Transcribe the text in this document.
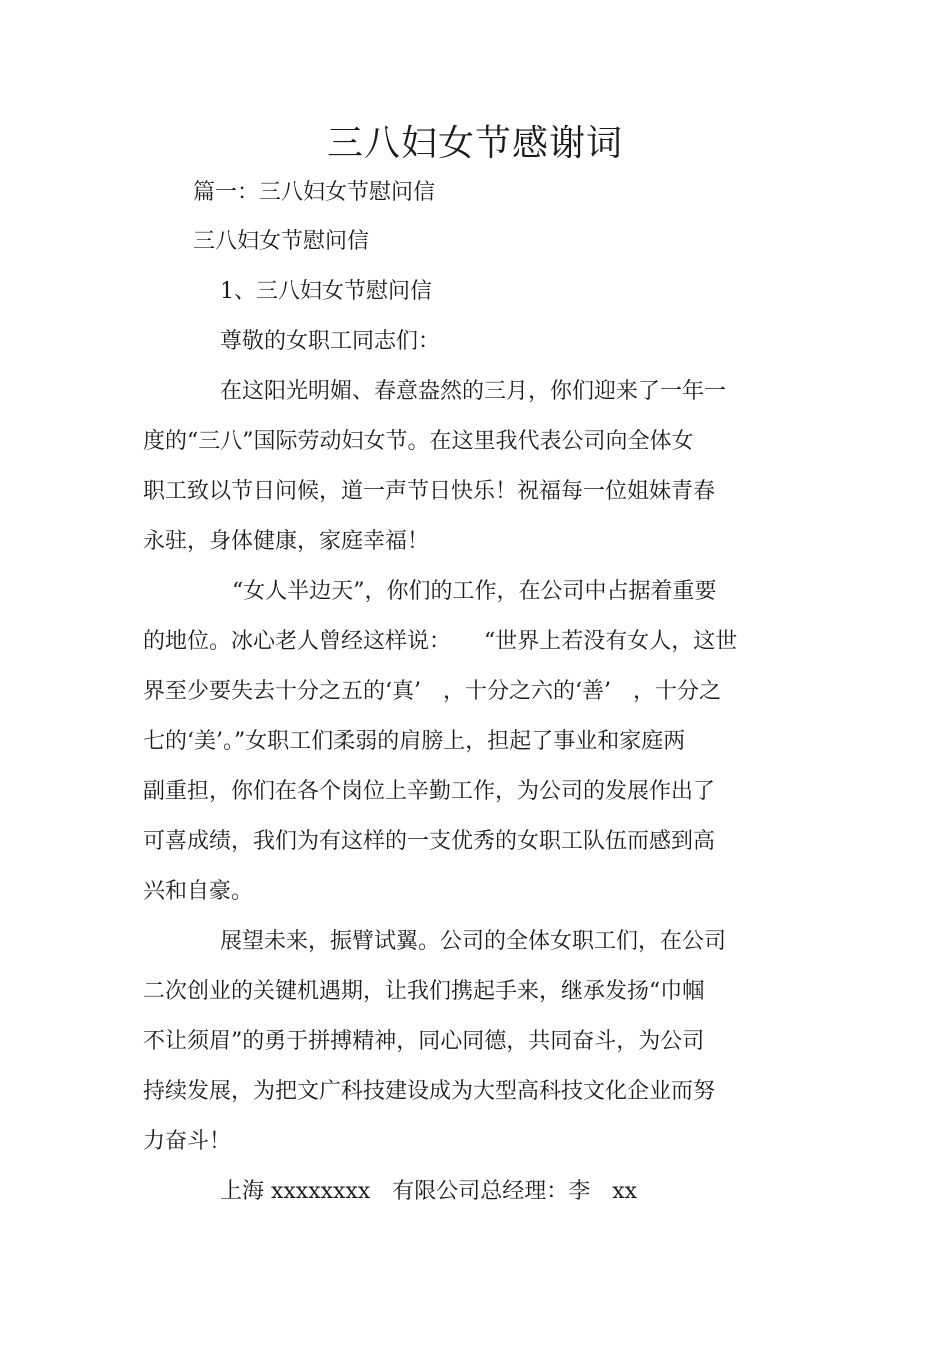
三八妇女节感谢词
篇一：三八妇女节慰问信
三八妇女节慰问信
1、三八妇女节慰问信
尊敬的女职工同志们：
在这阳光明媚、春意盎然的三月，你们迎来了一年一
度的“三八”国际劳动妇女节。在这里我代表公司向全体女
职工致以节日问候，道一声节日快乐！祝福每一位姐妹青春
永驻，身体健康，家庭幸福！
“女人半边天”，你们的工作，在公司中占据着重要
的地位。冰心老人曾经这样说：　　“世界上若没有女人，这世
界至少要失去十分之五的‘真’　，十分之六的‘善’　，十分之
七的‘美’。”女职工们柔弱的肩膀上，担起了事业和家庭两
副重担，你们在各个岗位上辛勤工作，为公司的发展作出了
可喜成绩，我们为有这样的一支优秀的女职工队伍而感到高
兴和自豪。
展望未来，振臂试翼。公司的全体女职工们，在公司
二次创业的关键机遇期，让我们携起手来，继承发扬“巾帼
不让须眉”的勇于拼搏精神，同心同德，共同奋斗，为公司
持续发展，为把文广科技建设成为大型高科技文化企业而努
力奋斗！
上海 xxxxxxxx　有限公司总经理：李　xx
